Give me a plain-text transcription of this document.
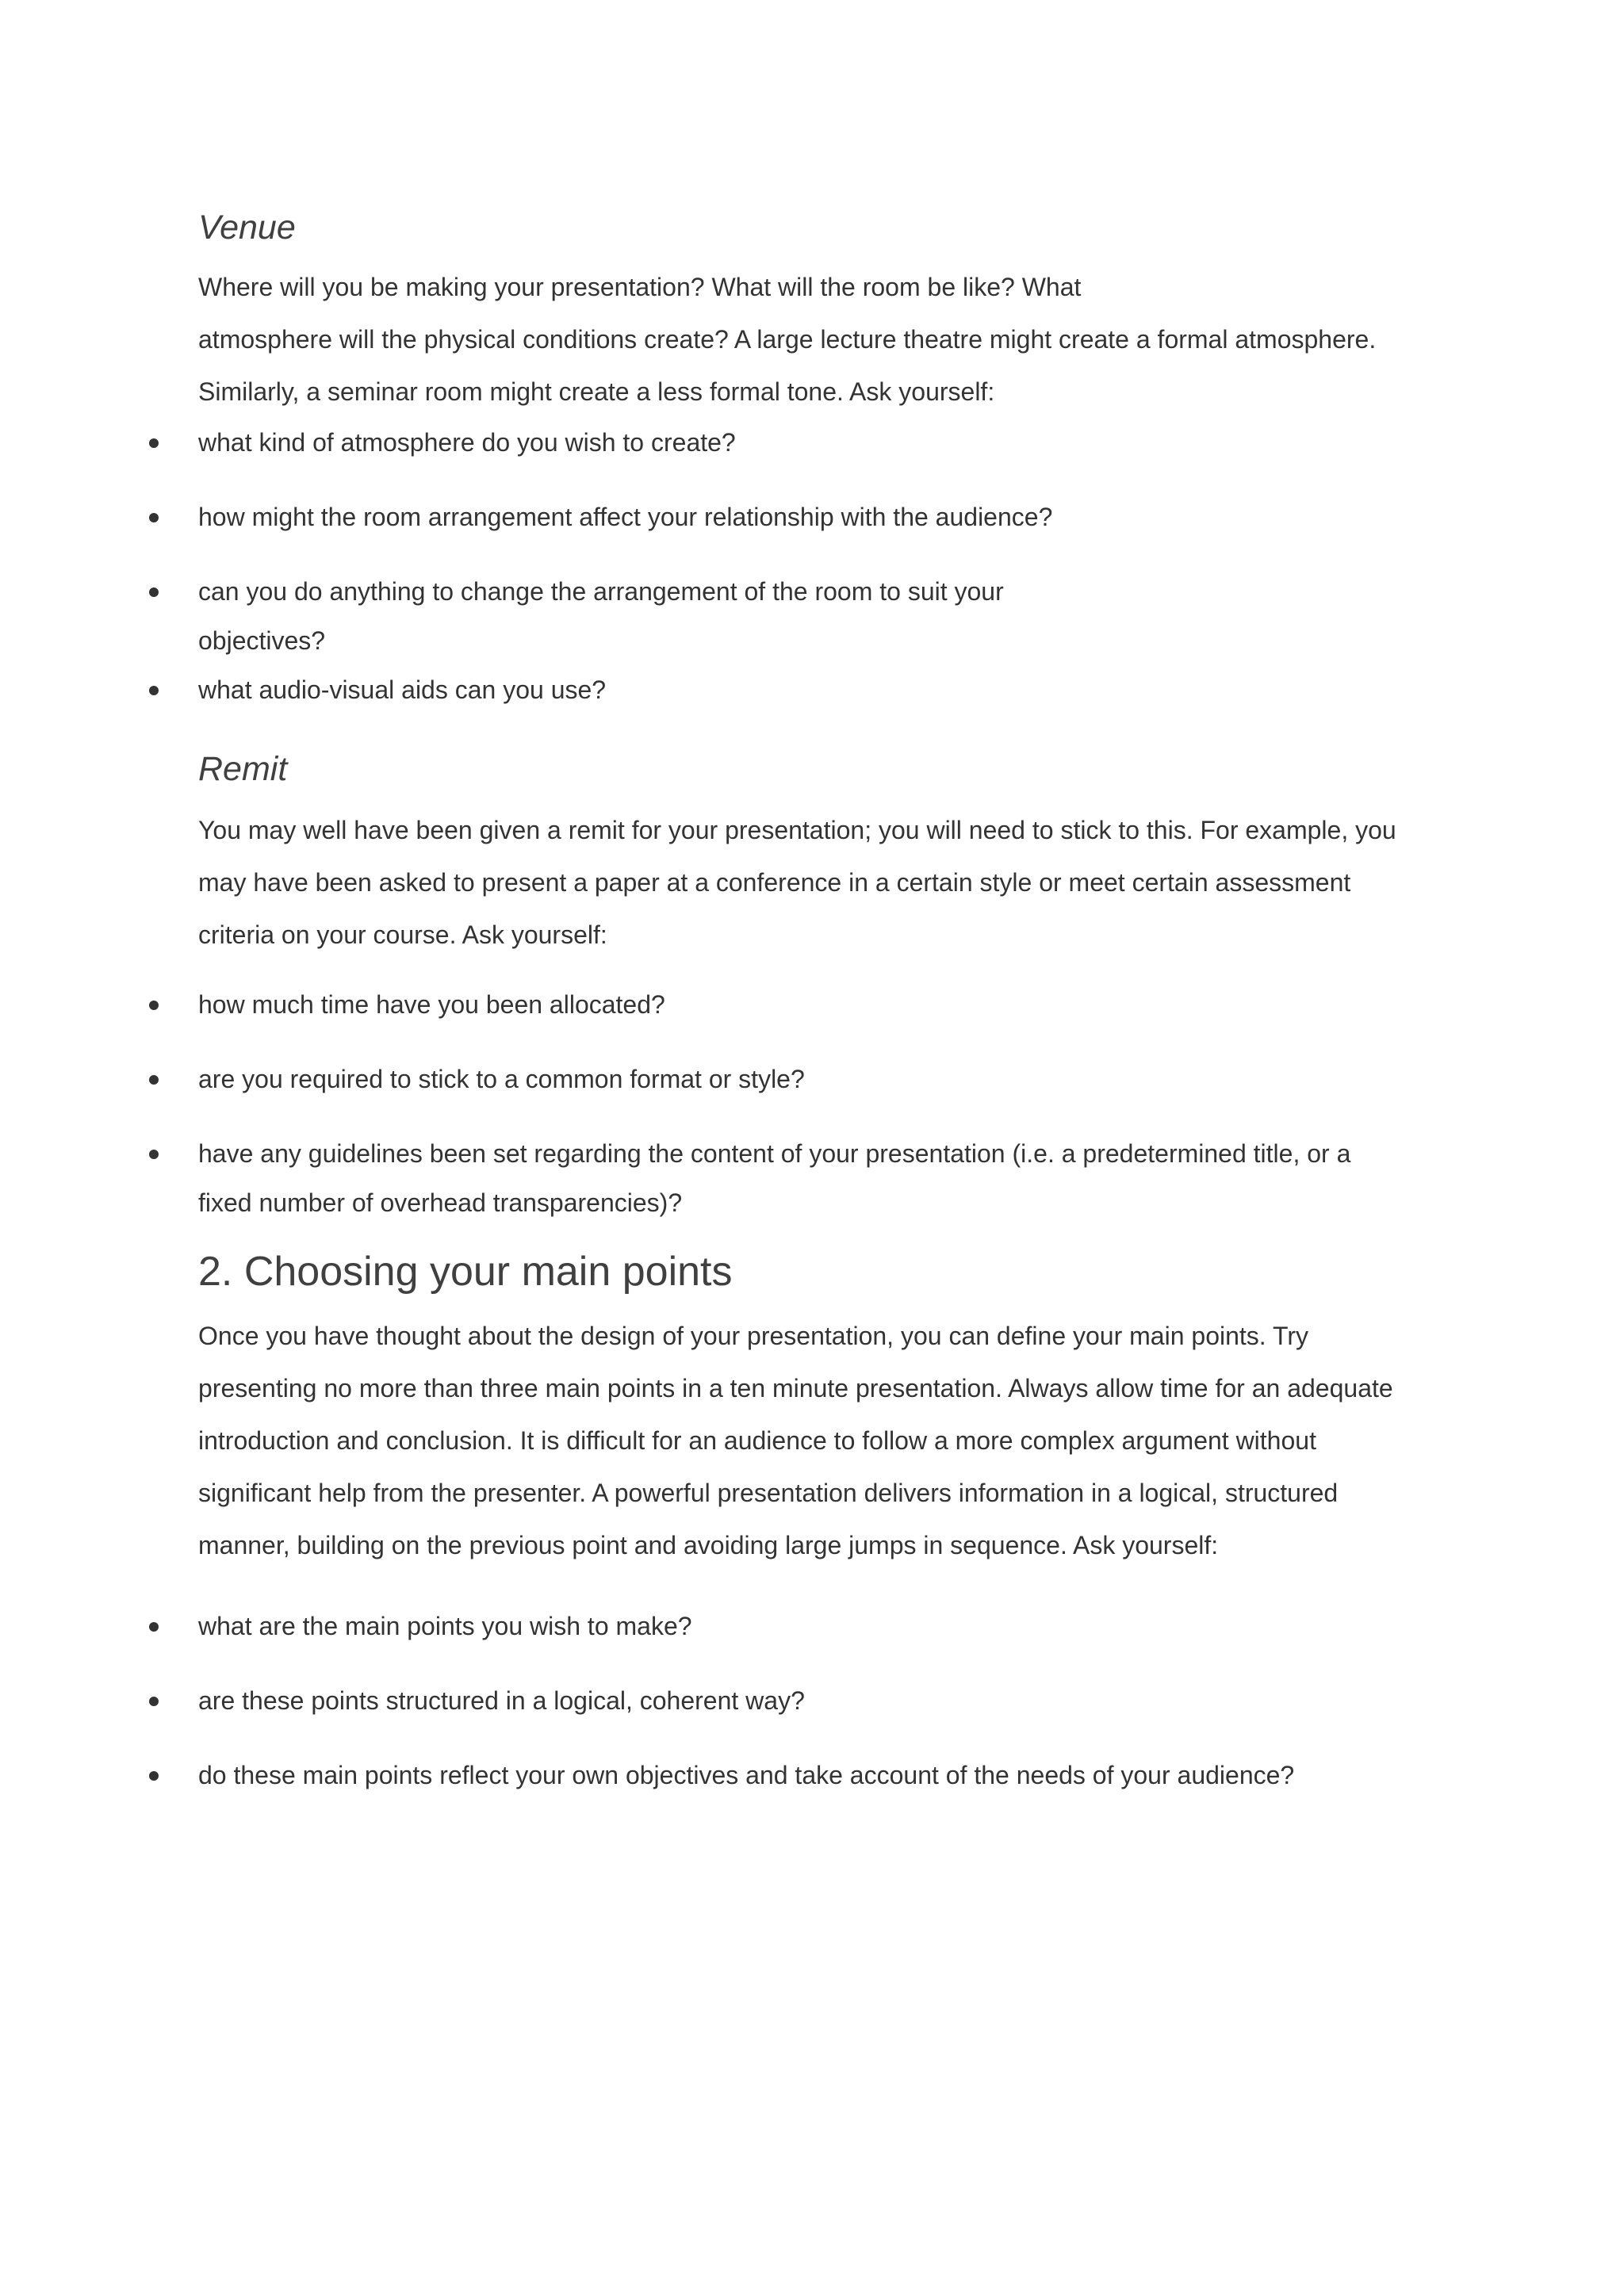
Venue

Where will you be making your presentation? What will the room be like? What
atmosphere will the physical conditions create? A large lecture theatre might create a formal atmosphere.
Similarly, a seminar room might create a less formal tone. Ask yourself:

what kind of atmosphere do you wish to create?
how might the room arrangement affect your relationship with the audience?
can you do anything to change the arrangement of the room to suit your
objectives?
what audio-visual aids can you use?
Remit

You may well have been given a remit for your presentation; you will need to stick to this. For example, you
may have been asked to present a paper at a conference in a certain style or meet certain assessment
criteria on your course. Ask yourself:

how much time have you been allocated?
are you required to stick to a common format or style?
have any guidelines been set regarding the content of your presentation (i.e. a predetermined title, or a
fixed number of overhead transparencies)?
2. Choosing your main points

Once you have thought about the design of your presentation, you can define your main points. Try
presenting no more than three main points in a ten minute presentation. Always allow time for an adequate
introduction and conclusion. It is difficult for an audience to follow a more complex argument without
significant help from the presenter. A powerful presentation delivers information in a logical, structured
manner, building on the previous point and avoiding large jumps in sequence. Ask yourself:

what are the main points you wish to make?
are these points structured in a logical, coherent way?
do these main points reflect your own objectives and take account of the needs of your audience?
